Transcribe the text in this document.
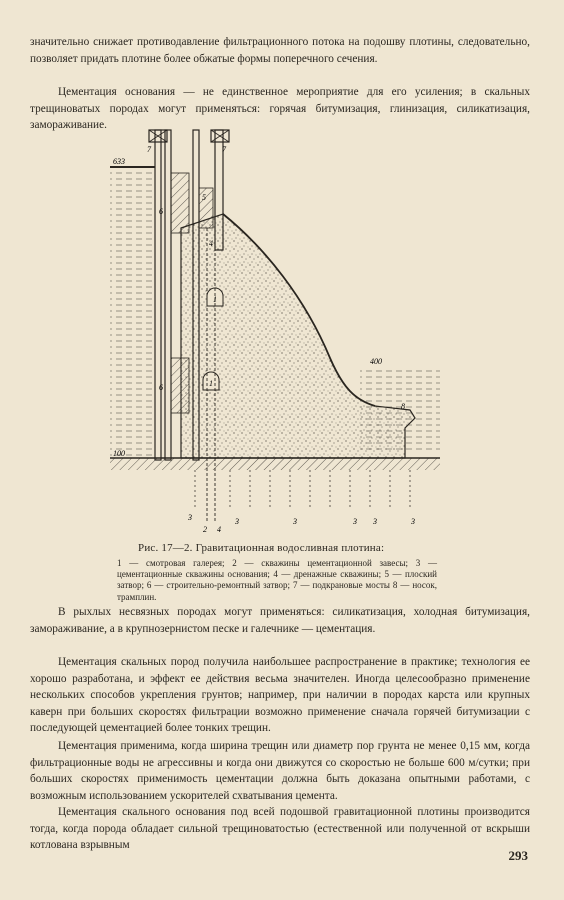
значительно снижает противодавление фильтрационного потока на подошву плотины, следовательно, позволяет придать плотине более обжатые формы поперечного сечения.

Цементация основания — не единственное мероприятие для его усиления; в скальных трещиноватых породах могут применяться: горячая битумизация, глинизация, силикатизация, замораживание.

633
400
100
7	7
5
6
4
1
1
6
8
3
2 4
3	3	3 3	3

Рис. 17—2. Гравитационная водосливная плотина:

1 — смотровая галерея; 2 — скважины цементационной завесы; 3 — цементационные скважины основания; 4 — дренажные скважины; 5 — плоский затвор; 6 — строительно-ремонтный затвор; 7 — подкрановые мосты 8 — носок, трамплин.

В рыхлых несвязных породах могут применяться: силикатизация, холодная битумизация, замораживание, а в крупнозернистом песке и галечнике — цементация.

Цементация скальных пород получила наибольшее распространение в практике; технология ее хорошо разработана, и эффект ее действия весьма значителен. Иногда целесообразно применение нескольких способов укрепления грунтов; например, при наличии в породах карста или крупных каверн при больших скоростях фильтрации возможно применение сначала горячей битумизации с последующей цементацией более тонких трещин.

Цементация применима, когда ширина трещин или диаметр пор грунта не менее 0,15 мм, когда фильтрационные воды не агрессивны и когда они движутся со скоростью не больше 600 м/сутки; при больших скоростях применимость цементации должна быть доказана опытными работами, с возможным использованием ускорителей схватывания цемента.

Цементация скального основания под всей подошвой гравитационной плотины производится тогда, когда порода обладает сильной трещиноватостью (естественной или полученной от вскрыши котлована взрывным

293
